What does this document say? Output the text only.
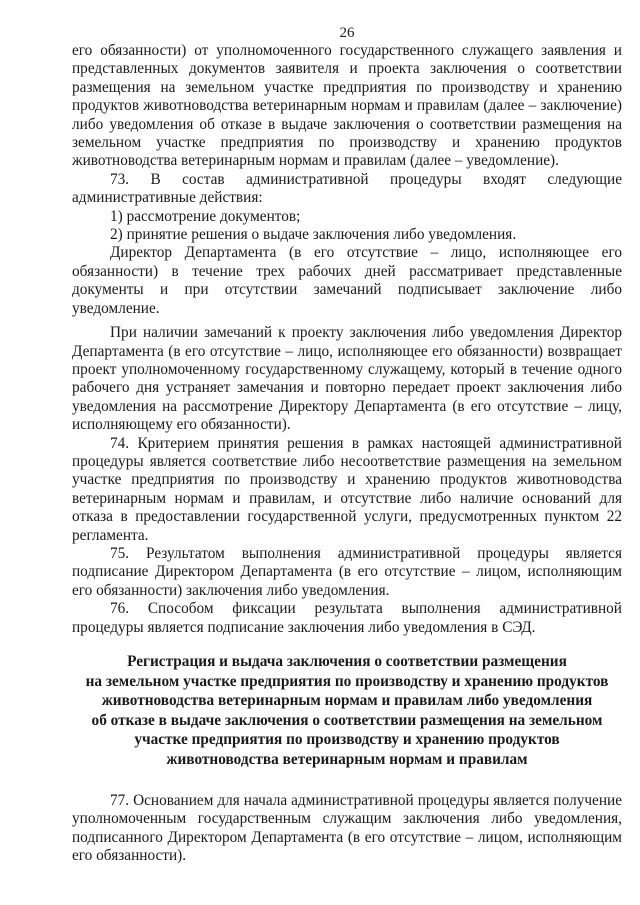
26

его обязанности) от уполномоченного государственного служащего заявления и представленных документов заявителя и проекта заключения о соответствии размещения на земельном участке предприятия по производству и хранению продуктов животноводства ветеринарным нормам и правилам (далее – заключение) либо уведомления об отказе в выдаче заключения о соответствии размещения на земельном участке предприятия по производству и хранению продуктов животноводства ветеринарным нормам и правилам (далее – уведомление).

73. В состав административной процедуры входят следующие административные действия:

1) рассмотрение документов;

2) принятие решения о выдаче заключения либо уведомления.

Директор Департамента (в его отсутствие – лицо, исполняющее его обязанности) в течение трех рабочих дней рассматривает представленные документы и при отсутствии замечаний подписывает заключение либо уведомление.

При наличии замечаний к проекту заключения либо уведомления Директор Департамента (в его отсутствие – лицо, исполняющее его обязанности) возвращает проект уполномоченному государственному служащему, который в течение одного рабочего дня устраняет замечания и повторно передает проект заключения либо уведомления на рассмотрение Директору Департамента (в его отсутствие – лицу, исполняющему его обязанности).

74. Критерием принятия решения в рамках настоящей административной процедуры является соответствие либо несоответствие размещения на земельном участке предприятия по производству и хранению продуктов животноводства ветеринарным нормам и правилам, и отсутствие либо наличие оснований для отказа в предоставлении государственной услуги, предусмотренных пунктом 22 регламента.

75. Результатом выполнения административной процедуры является подписание Директором Департамента (в его отсутствие – лицом, исполняющим его обязанности) заключения либо уведомления.

76. Способом фиксации результата выполнения административной процедуры является подписание заключения либо уведомления в СЭД.

Регистрация и выдача заключения о соответствии размещения
на земельном участке предприятия по производству и хранению продуктов
животноводства ветеринарным нормам и правилам либо уведомления
об отказе в выдаче заключения о соответствии размещения на земельном
участке предприятия по производству и хранению продуктов
животноводства ветеринарным нормам и правилам

77. Основанием для начала административной процедуры является получение уполномоченным государственным служащим заключения либо уведомления, подписанного Директором Департамента (в его отсутствие – лицом, исполняющим его обязанности).
